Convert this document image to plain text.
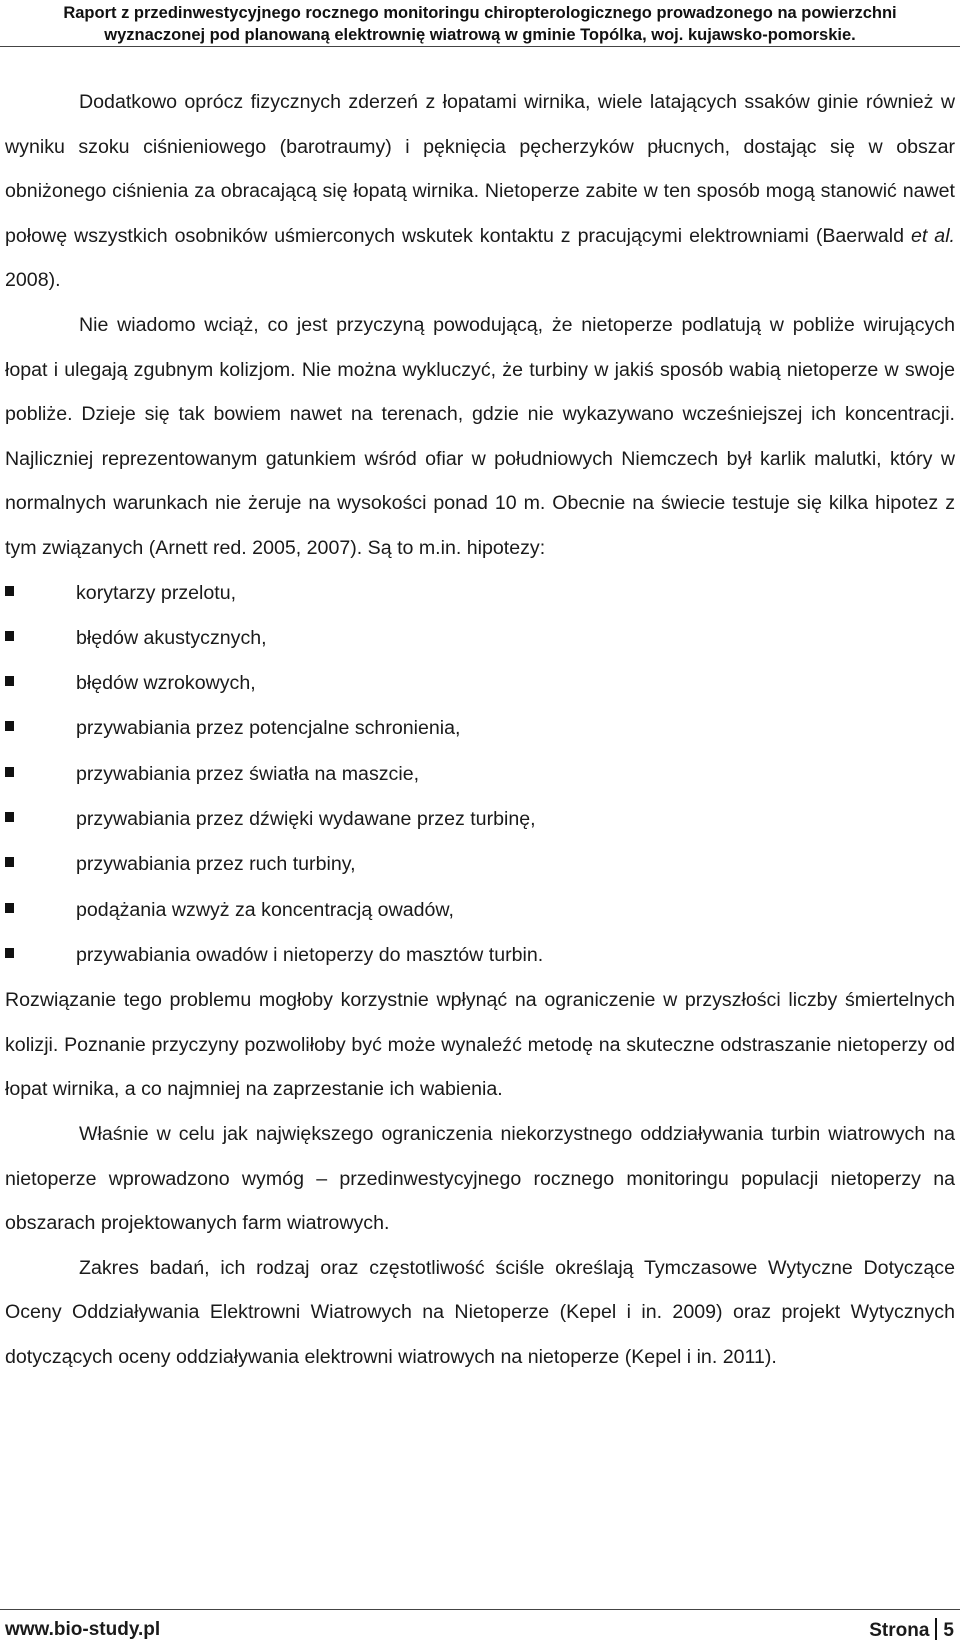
Raport z przedinwestycyjnego rocznego monitoringu chiropterologicznego prowadzonego na powierzchni
wyznaczonej pod planowaną elektrownię wiatrową w gminie Topólka, woj. kujawsko-pomorskie.

Dodatkowo oprócz fizycznych zderzeń z łopatami wirnika, wiele latających ssaków ginie również w wyniku szoku ciśnieniowego (barotraumy) i pęknięcia pęcherzyków płucnych, dostając się w obszar obniżonego ciśnienia za obracającą się łopatą wirnika. Nietoperze zabite w ten sposób mogą stanowić nawet połowę wszystkich osobników uśmierconych wskutek kontaktu z pracującymi elektrowniami (Baerwald et al. 2008).

Nie wiadomo wciąż, co jest przyczyną powodującą, że nietoperze podlatują w pobliże wirujących łopat i ulegają zgubnym kolizjom. Nie można wykluczyć, że turbiny w jakiś sposób wabią nietoperze w swoje pobliże. Dzieje się tak bowiem nawet na terenach, gdzie nie wykazywano wcześniejszej ich koncentracji. Najliczniej reprezentowanym gatunkiem wśród ofiar w południowych Niemczech był karlik malutki, który w normalnych warunkach nie żeruje na wysokości ponad 10 m. Obecnie na świecie testuje się kilka hipotez z tym związanych (Arnett red. 2005, 2007). Są to m.in. hipotezy:

korytarzy przelotu,
błędów akustycznych,
błędów wzrokowych,
przywabiania przez potencjalne schronienia,
przywabiania przez światła na maszcie,
przywabiania przez dźwięki wydawane przez turbinę,
przywabiania przez ruch turbiny,
podążania wzwyż za koncentracją owadów,
przywabiania owadów i nietoperzy do masztów turbin.

Rozwiązanie tego problemu mogłoby korzystnie wpłynąć na ograniczenie w przyszłości liczby śmiertelnych kolizji. Poznanie przyczyny pozwoliłoby być może wynaleźć metodę na skuteczne odstraszanie nietoperzy od łopat wirnika, a co najmniej na zaprzestanie ich wabienia.

Właśnie w celu jak największego ograniczenia niekorzystnego oddziaływania turbin wiatrowych na nietoperze wprowadzono wymóg – przedinwestycyjnego rocznego monitoringu populacji nietoperzy na obszarach projektowanych farm wiatrowych.

Zakres badań, ich rodzaj oraz częstotliwość ściśle określają Tymczasowe Wytyczne Dotyczące Oceny Oddziaływania Elektrowni Wiatrowych na Nietoperze (Kepel i in. 2009) oraz projekt Wytycznych dotyczących oceny oddziaływania elektrowni wiatrowych na nietoperze (Kepel i in. 2011).

www.bio-study.pl	Strona 5
